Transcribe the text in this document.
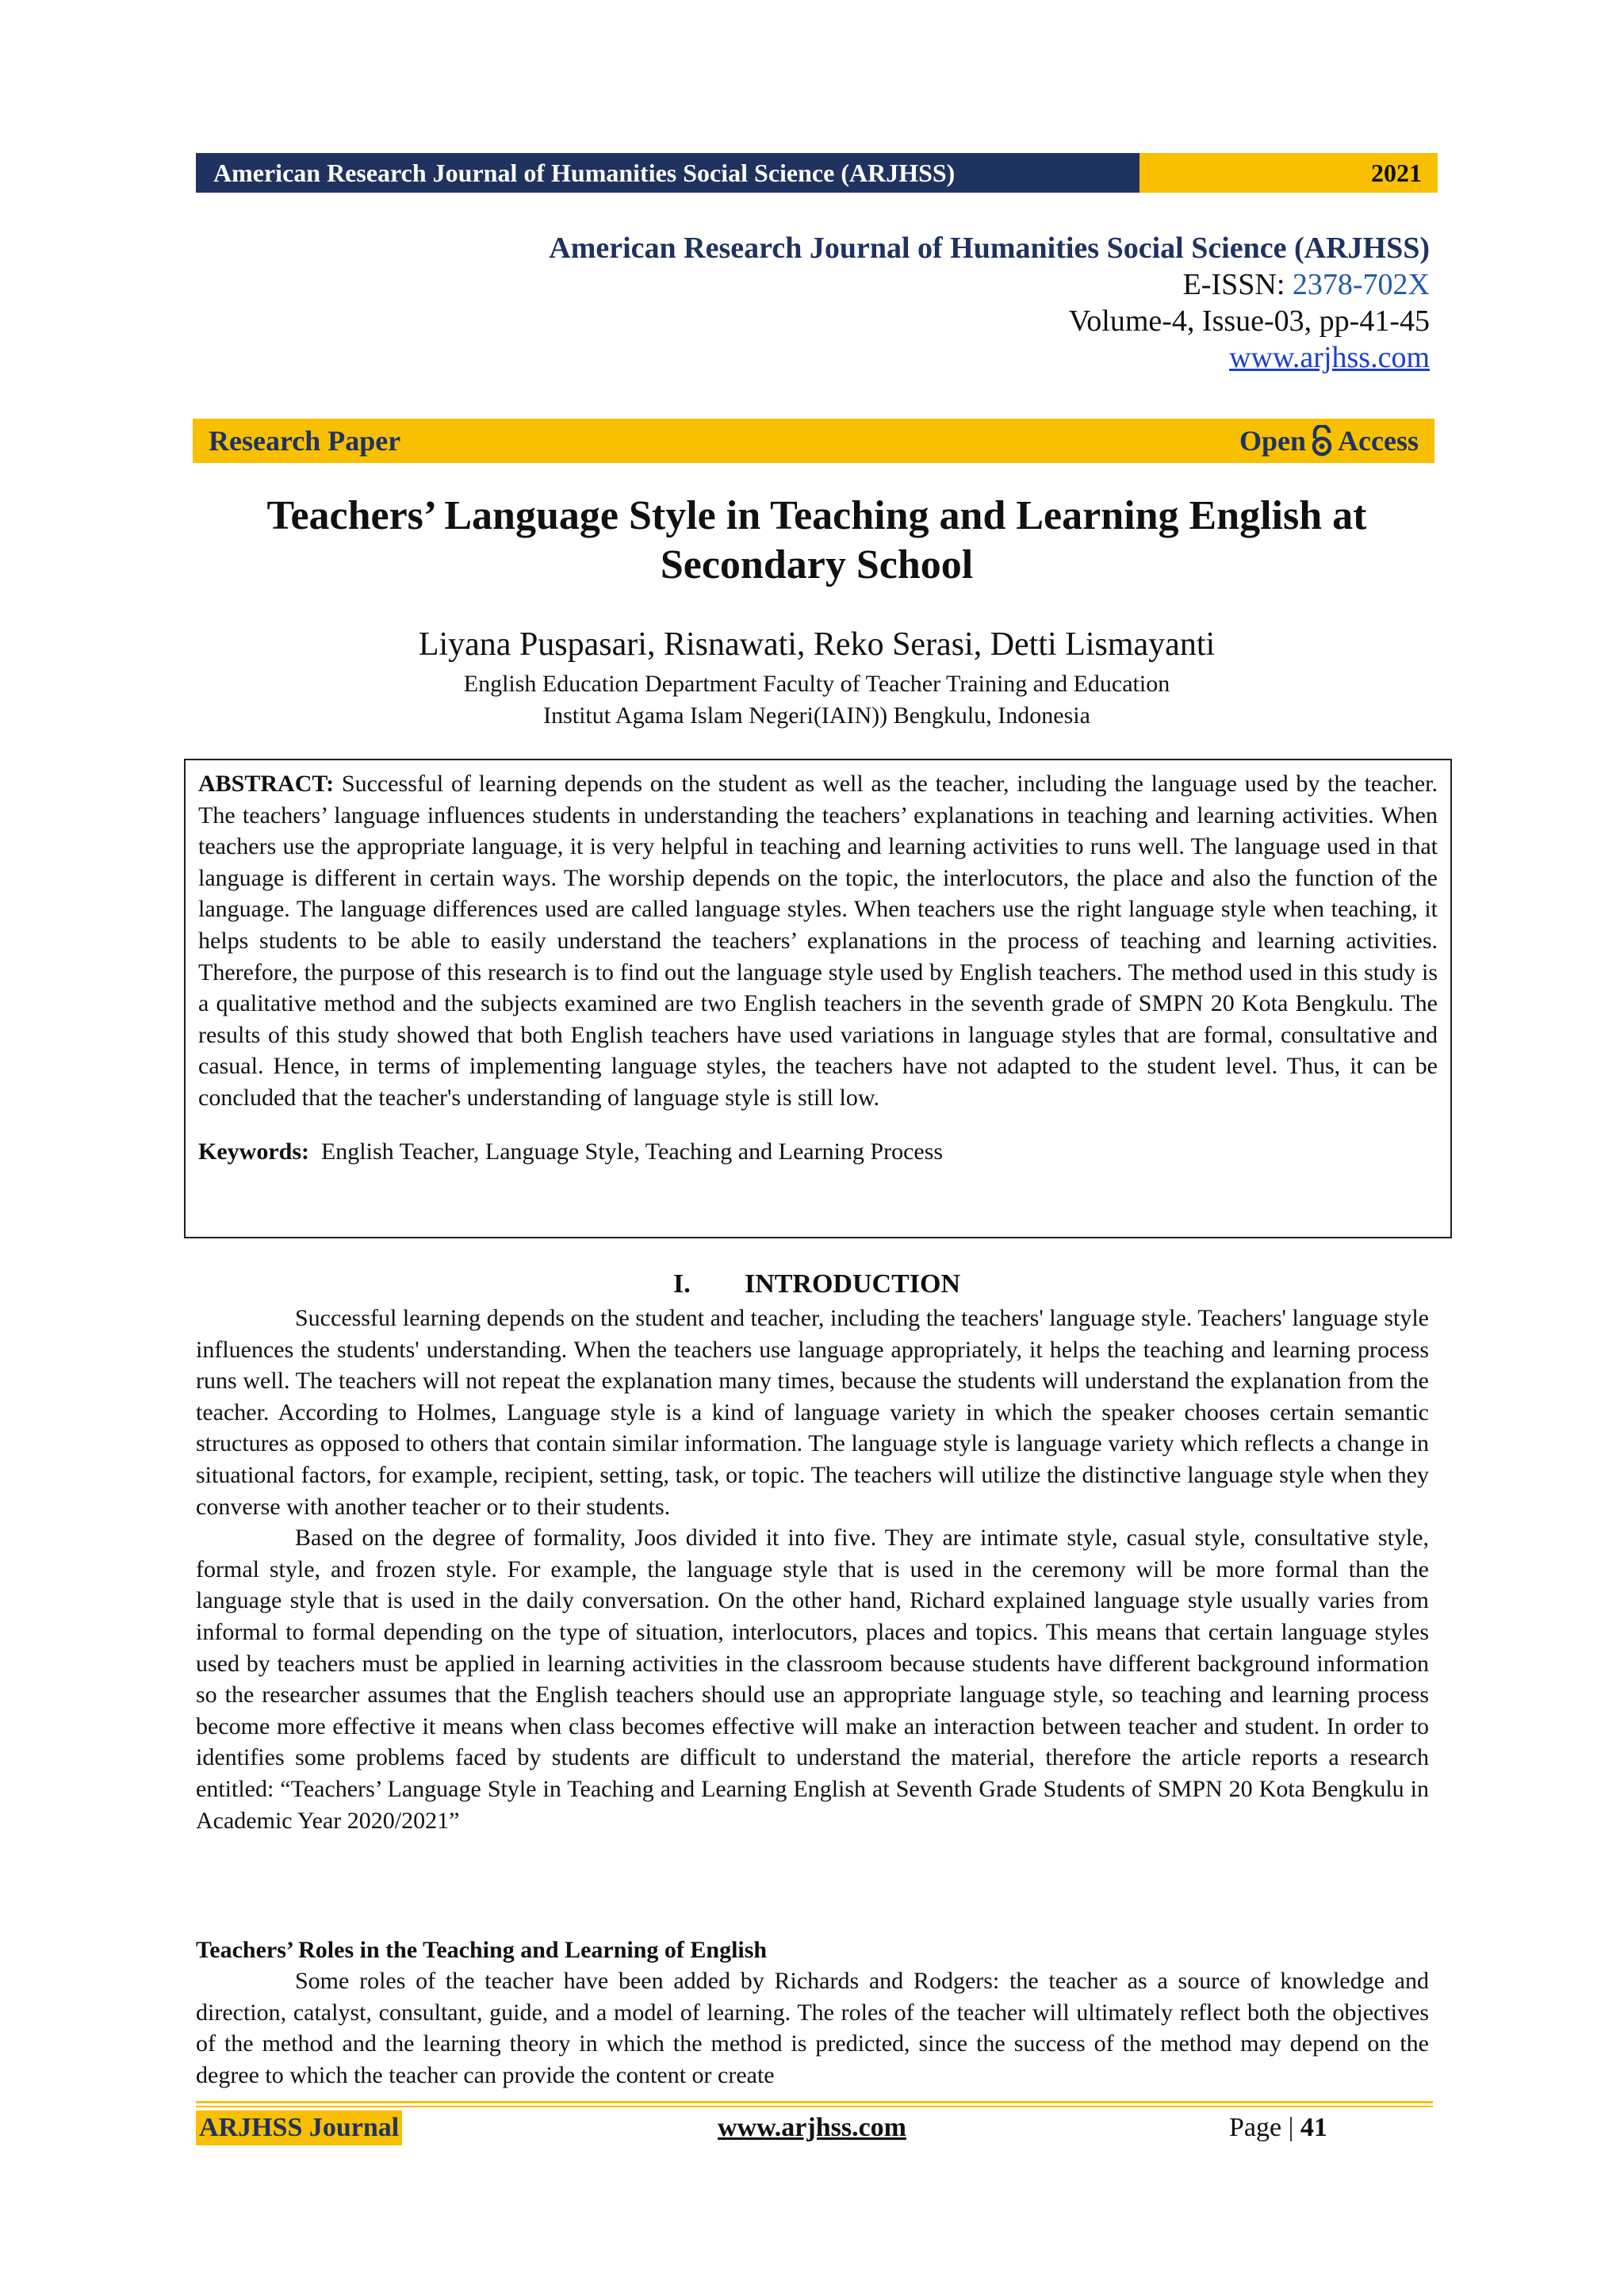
American Research Journal of Humanities Social Science (ARJHSS)	2021
American Research Journal of Humanities Social Science (ARJHSS)
E-ISSN: 2378-702X
Volume-4, Issue-03, pp-41-45
www.arjhss.com
Research Paper	Open Access
Teachers’ Language Style in Teaching and Learning English at
Secondary School
Liyana Puspasari, Risnawati, Reko Serasi, Detti Lismayanti
English Education Department Faculty of Teacher Training and Education
Institut Agama Islam Negeri(IAIN)) Bengkulu, Indonesia
ABSTRACT: Successful of learning depends on the student as well as the teacher, including the language used by the teacher. The teachers’ language influences students in understanding the teachers’ explanations in teaching and learning activities. When teachers use the appropriate language, it is very helpful in teaching and learning activities to runs well. The language used in that language is different in certain ways. The worship depends on the topic, the interlocutors, the place and also the function of the language. The language differences used are called language styles. When teachers use the right language style when teaching, it helps students to be able to easily understand the teachers’ explanations in the process of teaching and learning activities. Therefore, the purpose of this research is to find out the language style used by English teachers. The method used in this study is a qualitative method and the subjects examined are two English teachers in the seventh grade of SMPN 20 Kota Bengkulu. The results of this study showed that both English teachers have used variations in language styles that are formal, consultative and casual. Hence, in terms of implementing language styles, the teachers have not adapted to the student level. Thus, it can be concluded that the teacher's understanding of language style is still low.
Keywords: English Teacher, Language Style, Teaching and Learning Process
I. INTRODUCTION

Successful learning depends on the student and teacher, including the teachers' language style. Teachers' language style influences the students' understanding. When the teachers use language appropriately, it helps the teaching and learning process runs well. The teachers will not repeat the explanation many times, because the students will understand the explanation from the teacher. According to Holmes, Language style is a kind of language variety in which the speaker chooses certain semantic structures as opposed to others that contain similar information. The language style is language variety which reflects a change in situational factors, for example, recipient, setting, task, or topic. The teachers will utilize the distinctive language style when they converse with another teacher or to their students.

Based on the degree of formality, Joos divided it into five. They are intimate style, casual style, consultative style, formal style, and frozen style. For example, the language style that is used in the ceremony will be more formal than the language style that is used in the daily conversation. On the other hand, Richard explained language style usually varies from informal to formal depending on the type of situation, interlocutors, places and topics. This means that certain language styles used by teachers must be applied in learning activities in the classroom because students have different background information so the researcher assumes that the English teachers should use an appropriate language style, so teaching and learning process become more effective it means when class becomes effective will make an interaction between teacher and student. In order to identifies some problems faced by students are difficult to understand the material, therefore the article reports a research entitled: “Teachers’ Language Style in Teaching and Learning English at Seventh Grade Students of SMPN 20 Kota Bengkulu in Academic Year 2020/2021”

Teachers’ Roles in the Teaching and Learning of English

Some roles of the teacher have been added by Richards and Rodgers: the teacher as a source of knowledge and direction, catalyst, consultant, guide, and a model of learning. The roles of the teacher will ultimately reflect both the objectives of the method and the learning theory in which the method is predicted, since the success of the method may depend on the degree to which the teacher can provide the content or create

ARJHSS Journal	www.arjhss.com	Page | 41
